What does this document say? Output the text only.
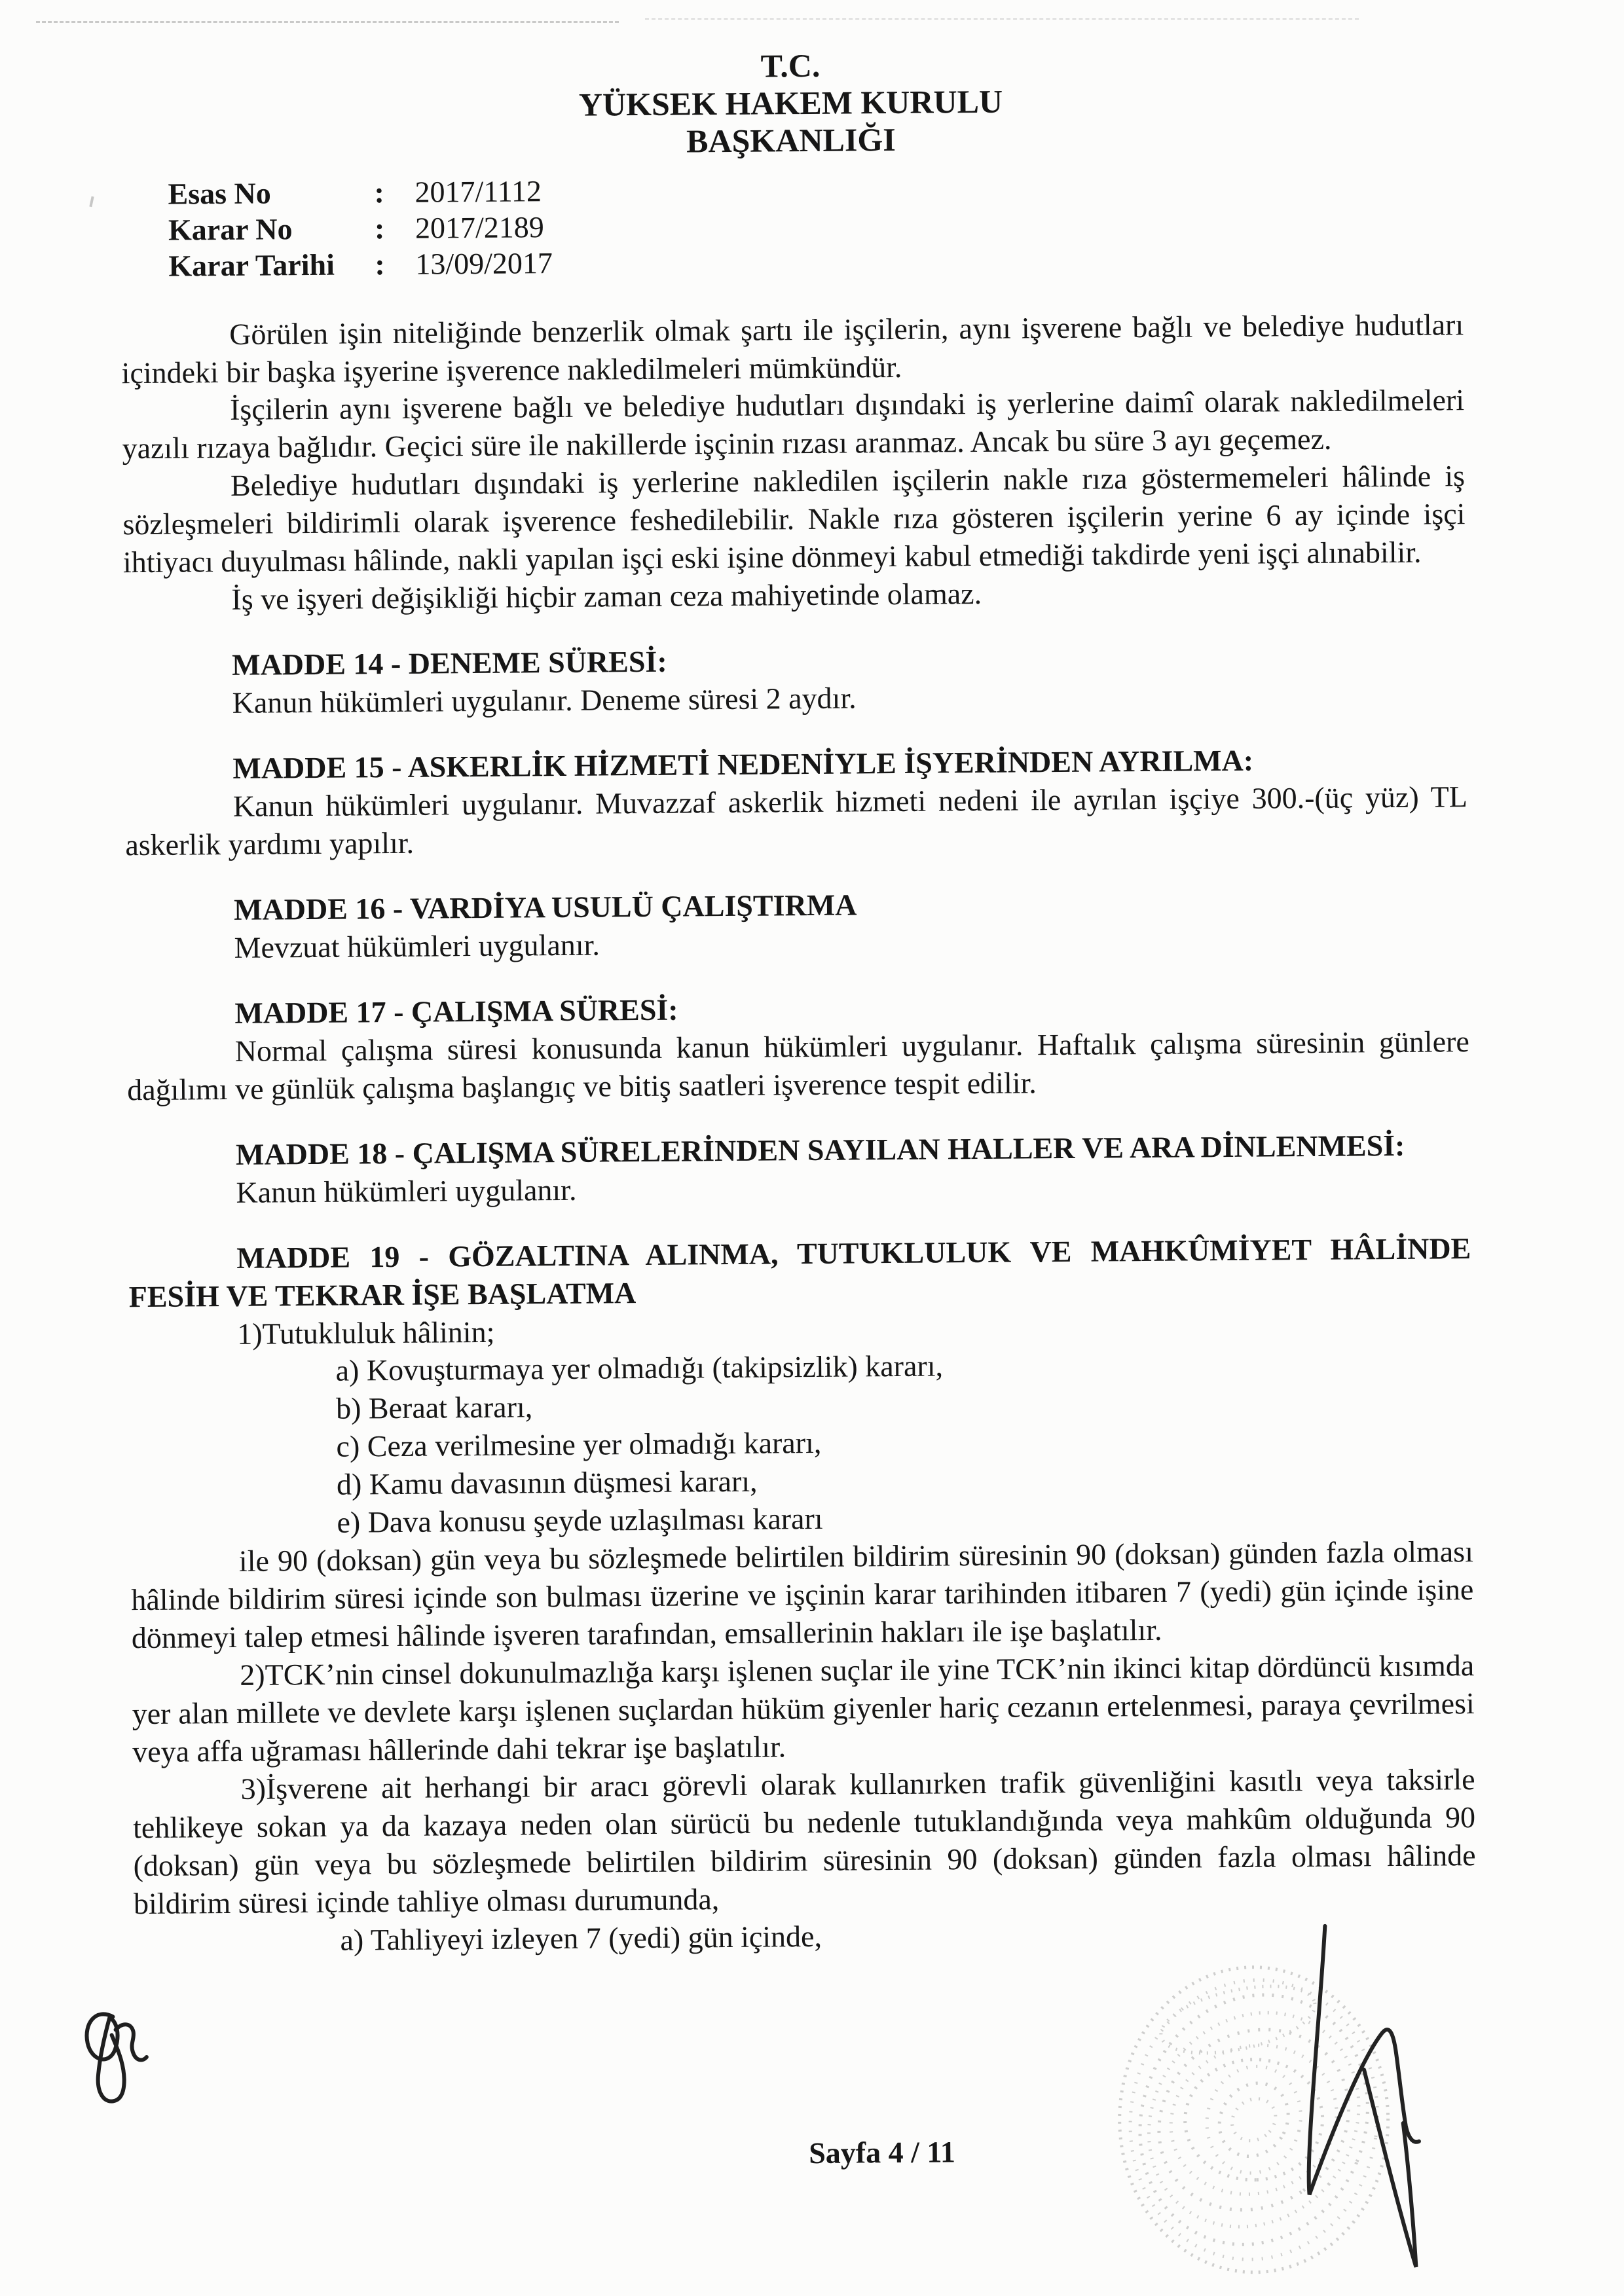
T.C.
YÜKSEK HAKEM KURULU
BAŞKANLIĞI
Esas No	:	2017/1112
Karar No	:	2017/2189
Karar Tarihi	:	13/09/2017

Görülen işin niteliğinde benzerlik olmak şartı ile işçilerin, aynı işverene bağlı ve belediye hudutları içindeki bir başka işyerine işverence nakledilmeleri mümkündür.

İşçilerin aynı işverene bağlı ve belediye hudutları dışındaki iş yerlerine daimî olarak nakledilmeleri yazılı rızaya bağlıdır. Geçici süre ile nakillerde işçinin rızası aranmaz. Ancak bu süre 3 ayı geçemez.

Belediye hudutları dışındaki iş yerlerine nakledilen işçilerin nakle rıza göstermemeleri hâlinde iş sözleşmeleri bildirimli olarak işverence feshedilebilir. Nakle rıza gösteren işçilerin yerine 6 ay içinde işçi ihtiyacı duyulması hâlinde, nakli yapılan işçi eski işine dönmeyi kabul etmediği takdirde yeni işçi alınabilir.

İş ve işyeri değişikliği hiçbir zaman ceza mahiyetinde olamaz.

MADDE 14 - DENEME SÜRESİ:

Kanun hükümleri uygulanır. Deneme süresi 2 aydır.

MADDE 15 - ASKERLİK HİZMETİ NEDENİYLE İŞYERİNDEN AYRILMA:

Kanun hükümleri uygulanır. Muvazzaf askerlik hizmeti nedeni ile ayrılan işçiye 300.-(üç yüz) TL askerlik yardımı yapılır.

MADDE 16 - VARDİYA USULÜ ÇALIŞTIRMA

Mevzuat hükümleri uygulanır.

MADDE 17 - ÇALIŞMA SÜRESİ:

Normal çalışma süresi konusunda kanun hükümleri uygulanır. Haftalık çalışma süresinin günlere dağılımı ve günlük çalışma başlangıç ve bitiş saatleri işverence tespit edilir.

MADDE 18 - ÇALIŞMA SÜRELERİNDEN SAYILAN HALLER VE ARA DİNLENMESİ:

Kanun hükümleri uygulanır.

MADDE 19 - GÖZALTINA ALINMA, TUTUKLULUK VE MAHKÛMİYET HÂLİNDE FESİH VE TEKRAR İŞE BAŞLATMA

1)Tutukluluk hâlinin;

a) Kovuşturmaya yer olmadığı (takipsizlik) kararı,

b) Beraat kararı,

c) Ceza verilmesine yer olmadığı kararı,

d) Kamu davasının düşmesi kararı,

e) Dava konusu şeyde uzlaşılması kararı

ile 90 (doksan) gün veya bu sözleşmede belirtilen bildirim süresinin 90 (doksan) günden fazla olması hâlinde bildirim süresi içinde son bulması üzerine ve işçinin karar tarihinden itibaren 7 (yedi) gün içinde işine dönmeyi talep etmesi hâlinde işveren tarafından, emsallerinin hakları ile işe başlatılır.

2)TCK’nin cinsel dokunulmazlığa karşı işlenen suçlar ile yine TCK’nin ikinci kitap dördüncü kısımda yer alan millete ve devlete karşı işlenen suçlardan hüküm giyenler hariç cezanın ertelenmesi, paraya çevrilmesi veya affa uğraması hâllerinde dahi tekrar işe başlatılır.

3)İşverene ait herhangi bir aracı görevli olarak kullanırken trafik güvenliğini kasıtlı veya taksirle tehlikeye sokan ya da kazaya neden olan sürücü bu nedenle tutuklandığında veya mahkûm olduğunda 90 (doksan) gün veya bu sözleşmede belirtilen bildirim süresinin 90 (doksan) günden fazla olması hâlinde bildirim süresi içinde tahliye olması durumunda,

a) Tahliyeyi izleyen 7 (yedi) gün içinde,

Sayfa 4 / 11
